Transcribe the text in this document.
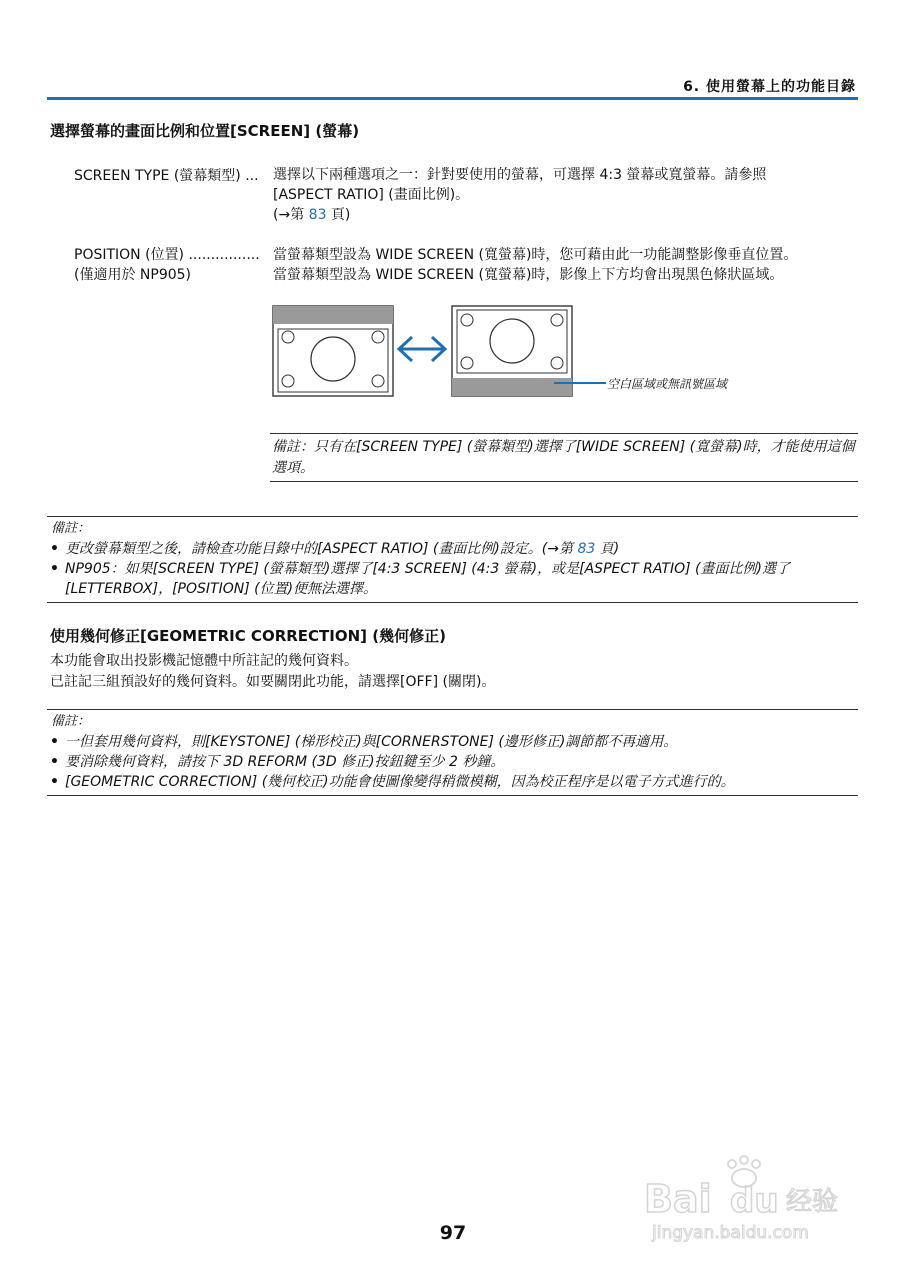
6. 使用螢幕上的功能目錄
選擇螢幕的畫面比例和位置[SCREEN] (螢幕)
SCREEN TYPE (螢幕類型) ... 選擇以下兩種選項之一：針對要使用的螢幕，可選擇 4:3 螢幕或寬螢幕。請參照
[ASPECT RATIO] (畫面比例)。
(→第 83 頁)
POSITION (位置) ................
(僅適用於 NP905)
當螢幕類型設為 WIDE SCREEN (寬螢幕)時，您可藉由此一功能調整影像垂直位置。
當螢幕類型設為 WIDE SCREEN (寬螢幕)時，影像上下方均會出現黑色條狀區域。
空白區域或無訊號區域
備註：只有在[SCREEN TYPE] (螢幕類型)選擇了[WIDE SCREEN] (寬螢幕)時，才能使用這個選項。
備註：
• 更改螢幕類型之後，請檢查功能目錄中的[ASPECT RATIO] (畫面比例)設定。(→第 83 頁)
• NP905：如果[SCREEN TYPE] (螢幕類型)選擇了[4:3 SCREEN] (4:3 螢幕)，或是[ASPECT RATIO] (畫面比例)選了[LETTERBOX]，[POSITION] (位置)便無法選擇。
使用幾何修正[GEOMETRIC CORRECTION] (幾何修正)
本功能會取出投影機記憶體中所註記的幾何資料。
已註記三組預設好的幾何資料。如要關閉此功能，請選擇[OFF] (關閉)。
備註：
• 一但套用幾何資料，則[KEYSTONE] (梯形校正)與[CORNERSTONE] (邊形修正)調節都不再適用。
• 要消除幾何資料，請按下 3D REFORM (3D 修正)按鈕鍵至少 2 秒鐘。
• [GEOMETRIC CORRECTION] (幾何校正)功能會使圖像變得稍微模糊，因為校正程序是以電子方式進行的。
97
Bai du 经验
jingyan.baidu.com
